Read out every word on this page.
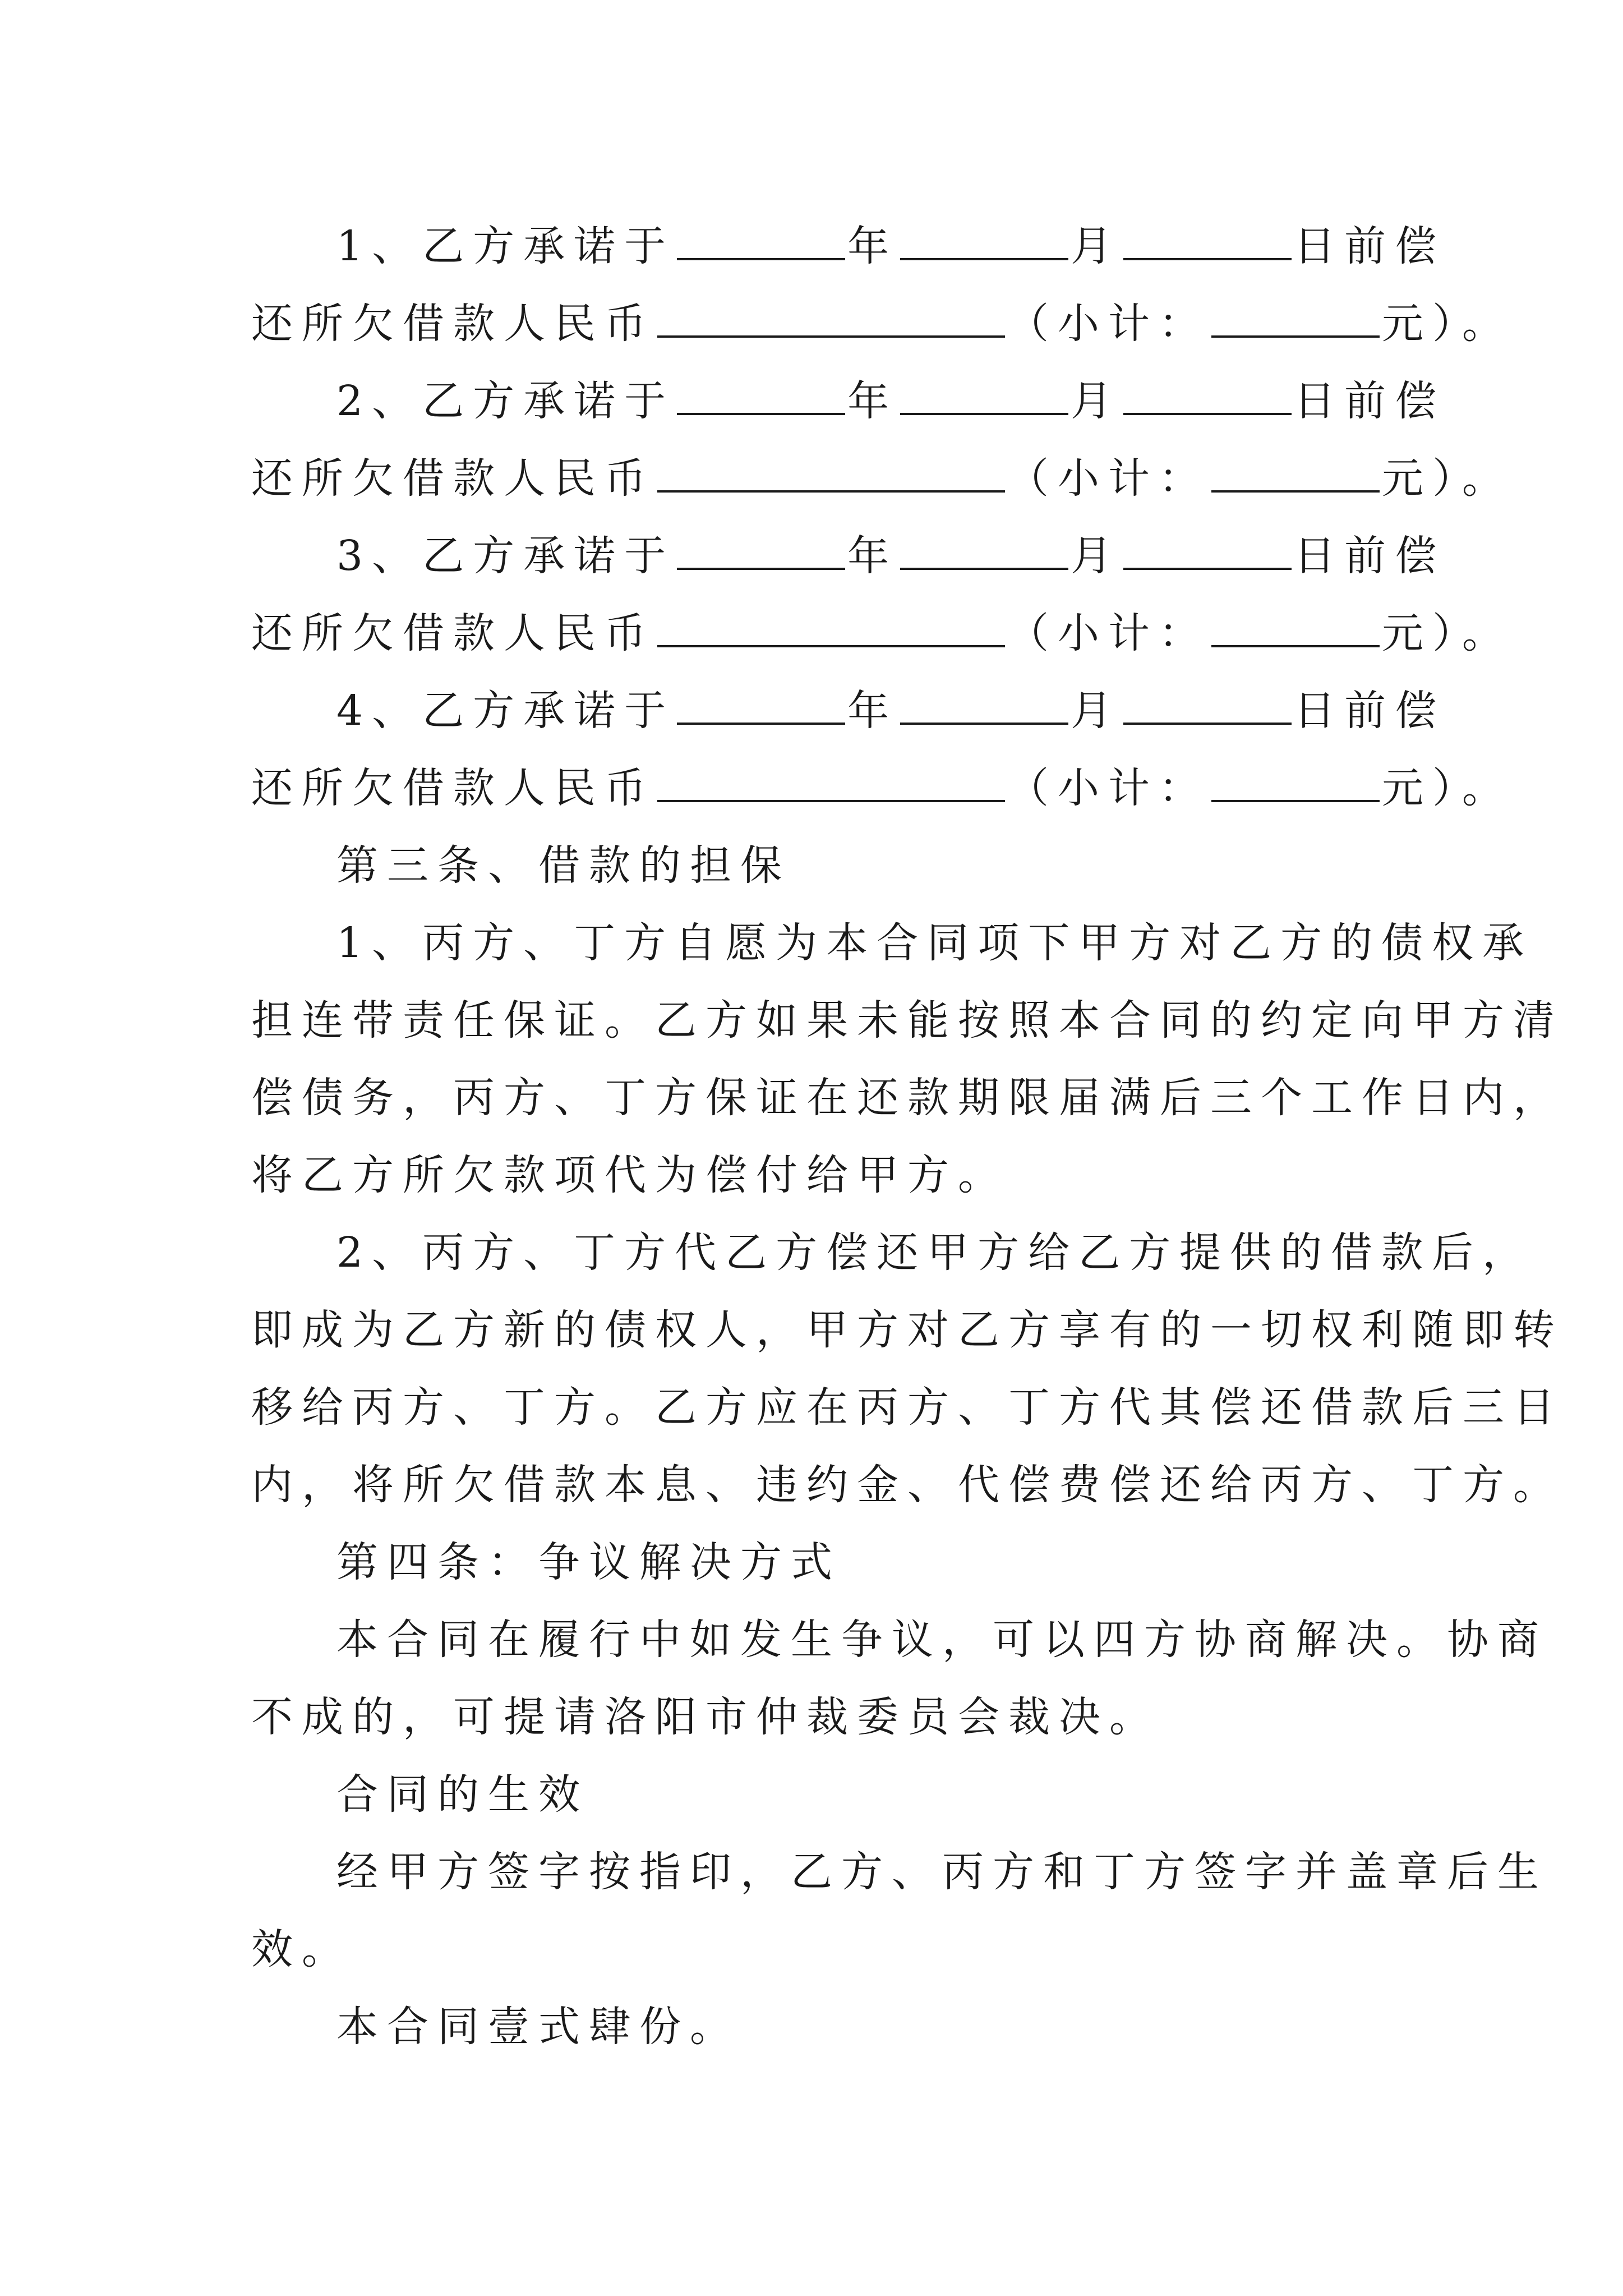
1、乙方承诺于	年	月	日前偿
还所欠借款人民币	（小计：	元）。
2、乙方承诺于	年	月	日前偿
还所欠借款人民币	（小计：	元）。
3、乙方承诺于	年	月	日前偿
还所欠借款人民币	（小计：	元）。
4、乙方承诺于	年	月	日前偿
还所欠借款人民币	（小计：	元）。
第三条、借款的担保
1、丙方、丁方自愿为本合同项下甲方对乙方的债权承
担连带责任保证。乙方如果未能按照本合同的约定向甲方清
偿债务，丙方、丁方保证在还款期限届满后三个工作日内，
将乙方所欠款项代为偿付给甲方。
2、丙方、丁方代乙方偿还甲方给乙方提供的借款后，
即成为乙方新的债权人，甲方对乙方享有的一切权利随即转
移给丙方、丁方。乙方应在丙方、丁方代其偿还借款后三日
内，将所欠借款本息、违约金、代偿费偿还给丙方、丁方。
第四条：争议解决方式
本合同在履行中如发生争议，可以四方协商解决。协商
不成的，可提请洛阳市仲裁委员会裁决。
合同的生效
经甲方签字按指印，乙方、丙方和丁方签字并盖章后生
效。
本合同壹式肆份。
